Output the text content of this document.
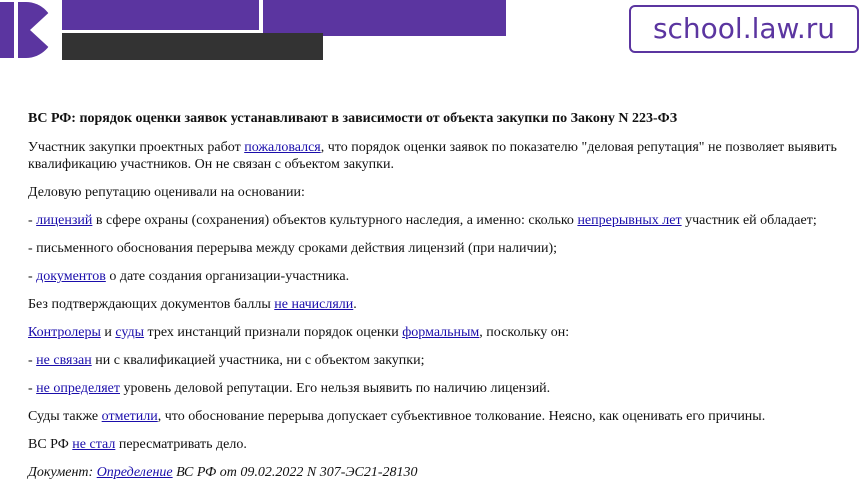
school.law.ru
ВС РФ: порядок оценки заявок устанавливают в зависимости от объекта закупки по Закону N 223-ФЗ

Участник закупки проектных работ пожаловался, что порядок оценки заявок по показателю "деловая репутация" не позволяет выявить квалификацию участников. Он не связан с объектом закупки.

Деловую репутацию оценивали на основании:

- лицензий в сфере охраны (сохранения) объектов культурного наследия, а именно: сколько непрерывных лет участник ей обладает;

- письменного обоснования перерыва между сроками действия лицензий (при наличии);

- документов о дате создания организации-участника.

Без подтверждающих документов баллы не начисляли.

Контролеры и суды трех инстанций признали порядок оценки формальным, поскольку он:

- не связан ни с квалификацией участника, ни с объектом закупки;

- не определяет уровень деловой репутации. Его нельзя выявить по наличию лицензий.

Суды также отметили, что обоснование перерыва допускает субъективное толкование. Неясно, как оценивать его причины.

ВС РФ не стал пересматривать дело.

Документ: Определение ВС РФ от 09.02.2022 N 307-ЭС21-28130
